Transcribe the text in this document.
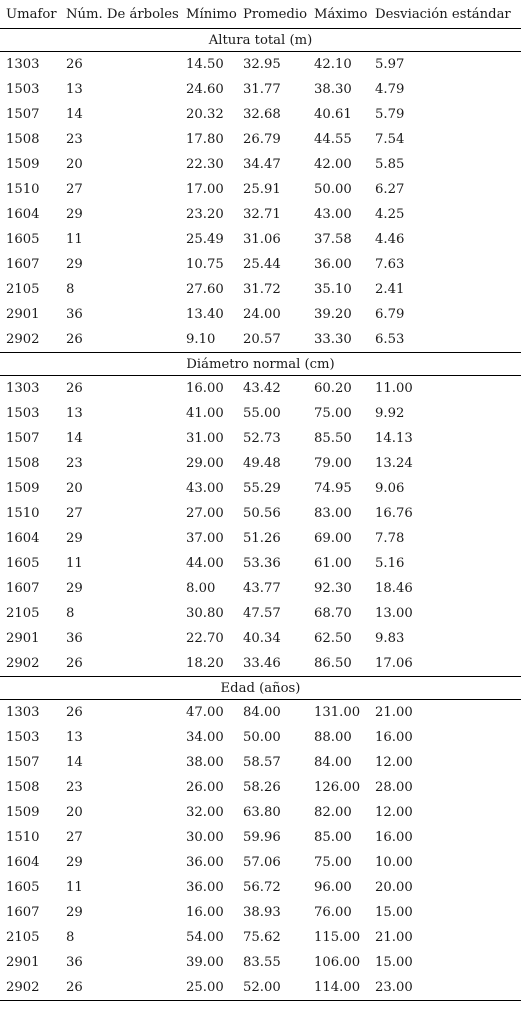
Umafor	Núm. De árboles	Mínimo	Promedio	Máximo	Desviación estándar
Altura total (m)					
1303	26	14.50	32.95	42.10	5.97
1503	13	24.60	31.77	38.30	4.79
1507	14	20.32	32.68	40.61	5.79
1508	23	17.80	26.79	44.55	7.54
1509	20	22.30	34.47	42.00	5.85
1510	27	17.00	25.91	50.00	6.27
1604	29	23.20	32.71	43.00	4.25
1605	11	25.49	31.06	37.58	4.46
1607	29	10.75	25.44	36.00	7.63
2105	8	27.60	31.72	35.10	2.41
2901	36	13.40	24.00	39.20	6.79
2902	26	9.10	20.57	33.30	6.53
Diámetro normal (cm)					
1303	26	16.00	43.42	60.20	11.00
1503	13	41.00	55.00	75.00	9.92
1507	14	31.00	52.73	85.50	14.13
1508	23	29.00	49.48	79.00	13.24
1509	20	43.00	55.29	74.95	9.06
1510	27	27.00	50.56	83.00	16.76
1604	29	37.00	51.26	69.00	7.78
1605	11	44.00	53.36	61.00	5.16
1607	29	8.00	43.77	92.30	18.46
2105	8	30.80	47.57	68.70	13.00
2901	36	22.70	40.34	62.50	9.83
2902	26	18.20	33.46	86.50	17.06
Edad (años)					
1303	26	47.00	84.00	131.00	21.00
1503	13	34.00	50.00	88.00	16.00
1507	14	38.00	58.57	84.00	12.00
1508	23	26.00	58.26	126.00	28.00
1509	20	32.00	63.80	82.00	12.00
1510	27	30.00	59.96	85.00	16.00
1604	29	36.00	57.06	75.00	10.00
1605	11	36.00	56.72	96.00	20.00
1607	29	16.00	38.93	76.00	15.00
2105	8	54.00	75.62	115.00	21.00
2901	36	39.00	83.55	106.00	15.00
2902	26	25.00	52.00	114.00	23.00
